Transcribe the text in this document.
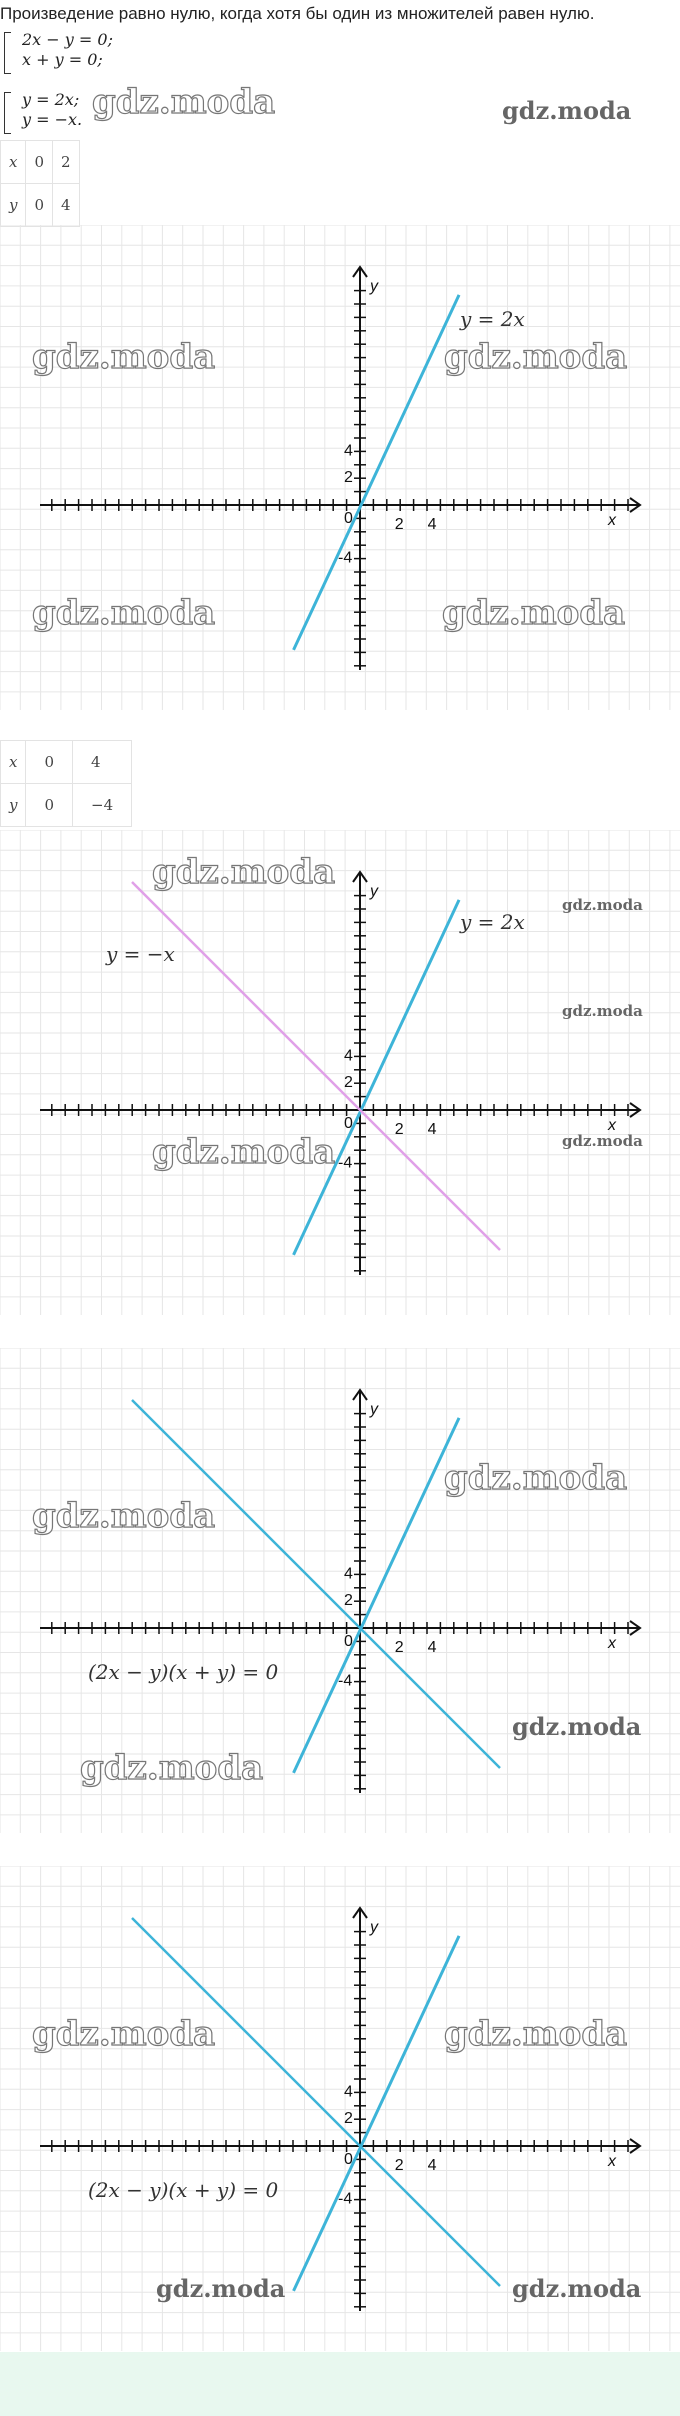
Произведение равно нулю, когда хотя бы один из множителей равен нулю.
2x − y = 0;
x + y = 0;
y = 2x;
y = −x. gdz.moda	gdz.moda
x	0	2
y	0	4
0	2 4
-4
4
2
x
y
gdz.moda	gdz.moda
gdz.moda	gdz.moda
y = 2x
x	0	4
y	0	−4
0	2 4
-4
4
2
x
y
gdz.moda
gdz.moda
gdz.moda
gdz.moda
gdz.moda
y = 2x
y = −x
0	2 4
-4
4
2
x
y
gdz.moda
gdz.moda
gdz.moda
gdz.moda
(2x − y)(x + y) = 0
0	2 4
-4
4
2
x
y
gdz.moda
gdz.moda
gdz.moda	gdz.moda
(2x − y)(x + y) = 0
